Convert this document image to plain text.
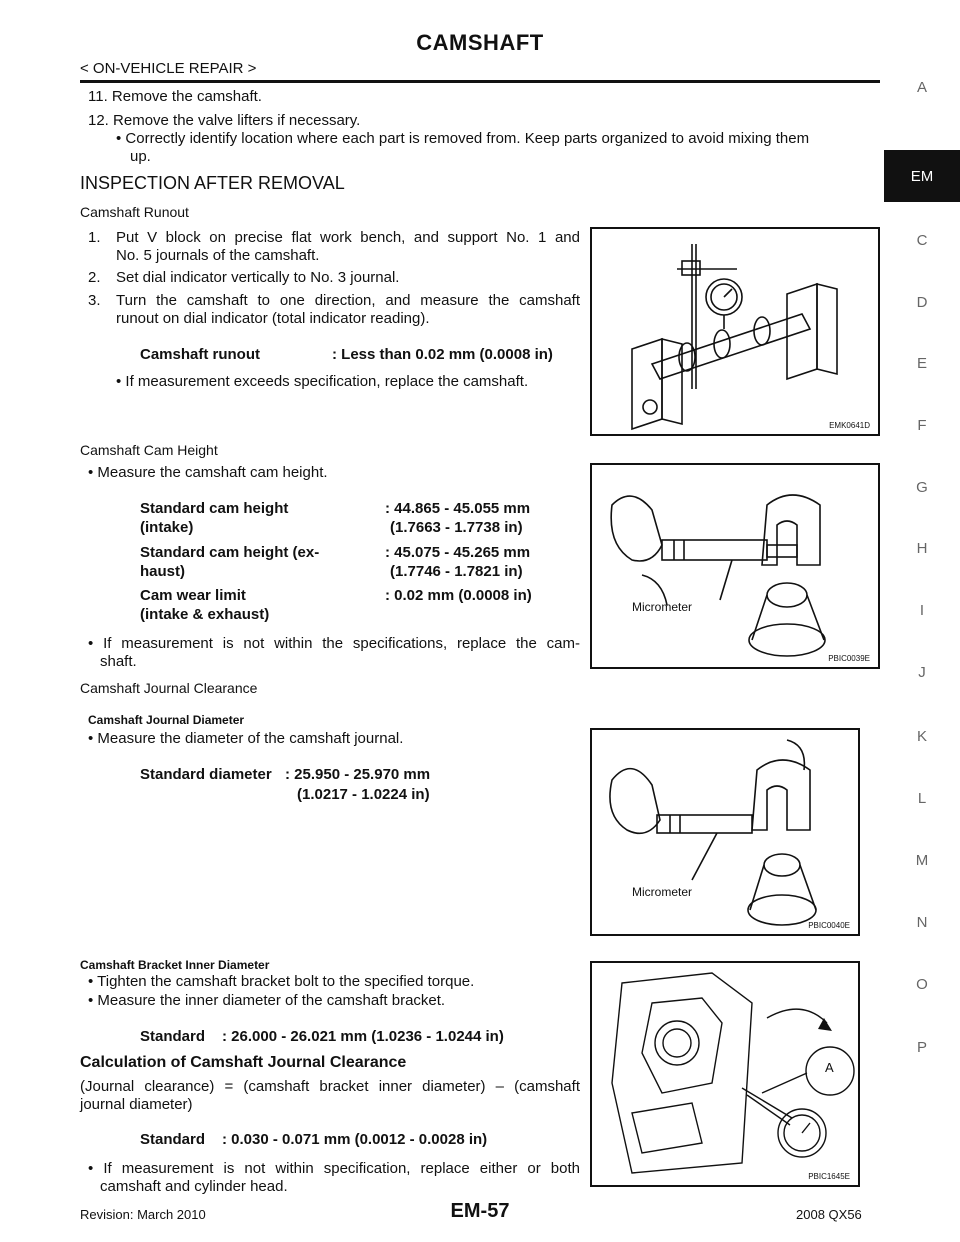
CAMSHAFT
< ON-VEHICLE REPAIR >
11. Remove the camshaft.
12. Remove the valve lifters if necessary.
• Correctly identify location where each part is removed from. Keep parts organized to avoid mixing them
up.
INSPECTION AFTER REMOVAL
Camshaft Runout
1. Put V block on precise flat work bench, and support No. 1 and
No. 5 journals of the camshaft.
2. Set dial indicator vertically to No. 3 journal.
3. Turn the camshaft to one direction, and measure the camshaft
runout on dial indicator (total indicator reading).
Camshaft runout	: Less than 0.02 mm (0.0008 in)
• If measurement exceeds specification, replace the camshaft.
EMK0641D
Camshaft Cam Height
• Measure the camshaft cam height.
Standard cam height
(intake)
: 44.865 - 45.055 mm
(1.7663 - 1.7738 in)
Standard cam height (ex-
haust)
: 45.075 - 45.265 mm
(1.7746 - 1.7821 in)
Cam wear limit
(intake & exhaust)
: 0.02 mm (0.0008 in)
• If measurement is not within the specifications, replace the cam-
shaft.
Micrometer
PBIC0039E
Camshaft Journal Clearance
Camshaft Journal Diameter
• Measure the diameter of the camshaft journal.
Standard diameter : 25.950 - 25.970 mm
(1.0217 - 1.0224 in)
Micrometer
PBIC0040E
Camshaft Bracket Inner Diameter
• Tighten the camshaft bracket bolt to the specified torque.
• Measure the inner diameter of the camshaft bracket.
Standard : 26.000 - 26.021 mm (1.0236 - 1.0244 in)
Calculation of Camshaft Journal Clearance
(Journal clearance) = (camshaft bracket inner diameter) – (camshaft
journal diameter)
Standard : 0.030 - 0.071 mm (0.0012 - 0.0028 in)
• If measurement is not within specification, replace either or both
camshaft and cylinder head.
A
PBIC1645E
A
EM
C
D
E
F
G
H
I
J
K
L
M
N
O
P
EM-57
Revision: March 2010	2008 QX56
